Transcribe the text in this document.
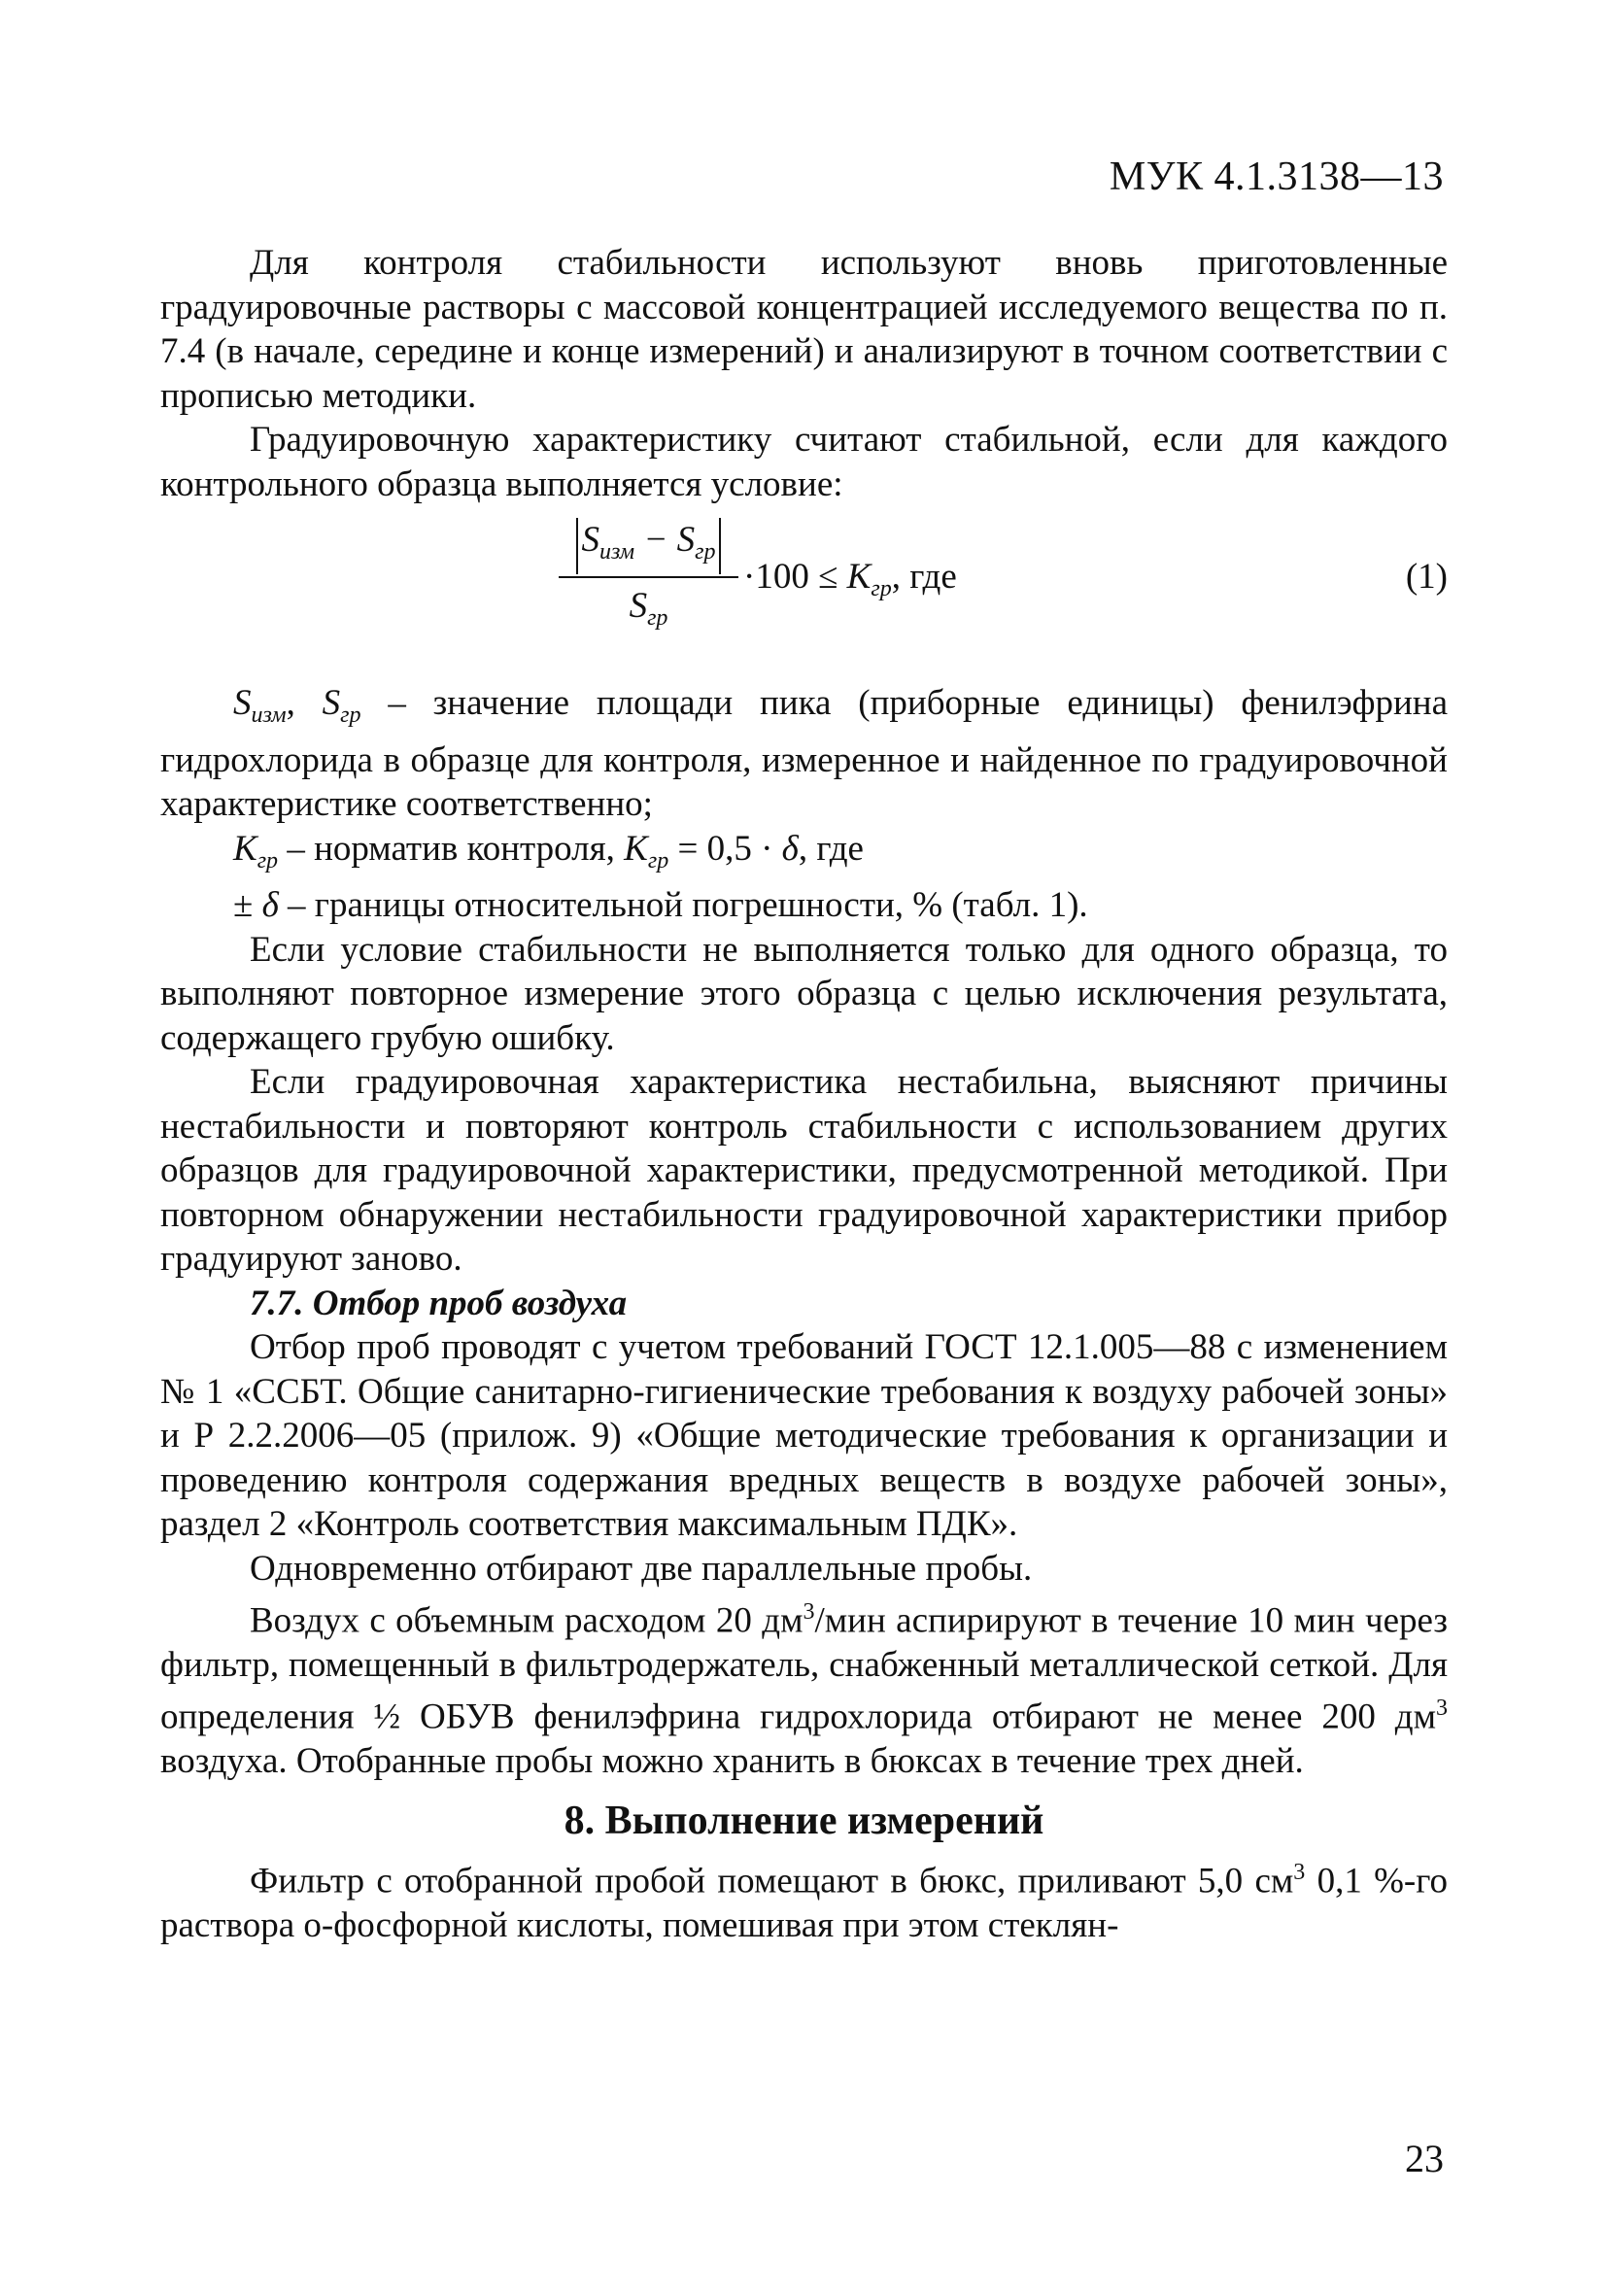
МУК 4.1.3138—13

Для контроля стабильности используют вновь приготовленные градуировочные растворы с массовой концентрацией исследуемого вещества по п. 7.4 (в начале, середине и конце измерений) и анализируют в точном соответствии с прописью методики.

Градуировочную характеристику считают стабильной, если для каждого контрольного образца выполняется условие:

$S_{изм} - S_{гр}$
$S_{гр}$
$\cdot 100 \le K_{гр}$, где	(1)

$S_{изм}$, $S_{гр}$ – значение площади пика (приборные единицы) фенилэфрина гидрохлорида в образце для контроля, измеренное и найденное по градуировочной характеристике соответственно;

$K_{гр}$ – норматив контроля, $K_{гр} = 0,5 \cdot \delta$, где

± δ – границы относительной погрешности, % (табл. 1).

Если условие стабильности не выполняется только для одного образца, то выполняют повторное измерение этого образца с целью исключения результата, содержащего грубую ошибку.

Если градуировочная характеристика нестабильна, выясняют причины нестабильности и повторяют контроль стабильности с использованием других образцов для градуировочной характеристики, предусмотренной методикой. При повторном обнаружении нестабильности градуировочной характеристики прибор градуируют заново.

7.7. Отбор проб воздуха

Отбор проб проводят с учетом требований ГОСТ 12.1.005—88 с изменением № 1 «ССБТ. Общие санитарно-гигиенические требования к воздуху рабочей зоны» и Р 2.2.2006—05 (прилож. 9) «Общие методические требования к организации и проведению контроля содержания вредных веществ в воздухе рабочей зоны», раздел 2 «Контроль соответствия максимальным ПДК».

Одновременно отбирают две параллельные пробы.

Воздух с объемным расходом 20 $дм^3$/мин аспирируют в течение 10 мин через фильтр, помещенный в фильтродержатель, снабженный металлической сеткой. Для определения ½ ОБУВ фенилэфрина гидрохлорида отбирают не менее 200 $дм^3$ воздуха. Отобранные пробы можно хранить в бюксах в течение трех дней.

8. Выполнение измерений

Фильтр с отобранной пробой помещают в бюкс, приливают 5,0 $см^3$ 0,1 %-го раствора о-фосфорной кислоты, помешивая при этом стеклян-

23
